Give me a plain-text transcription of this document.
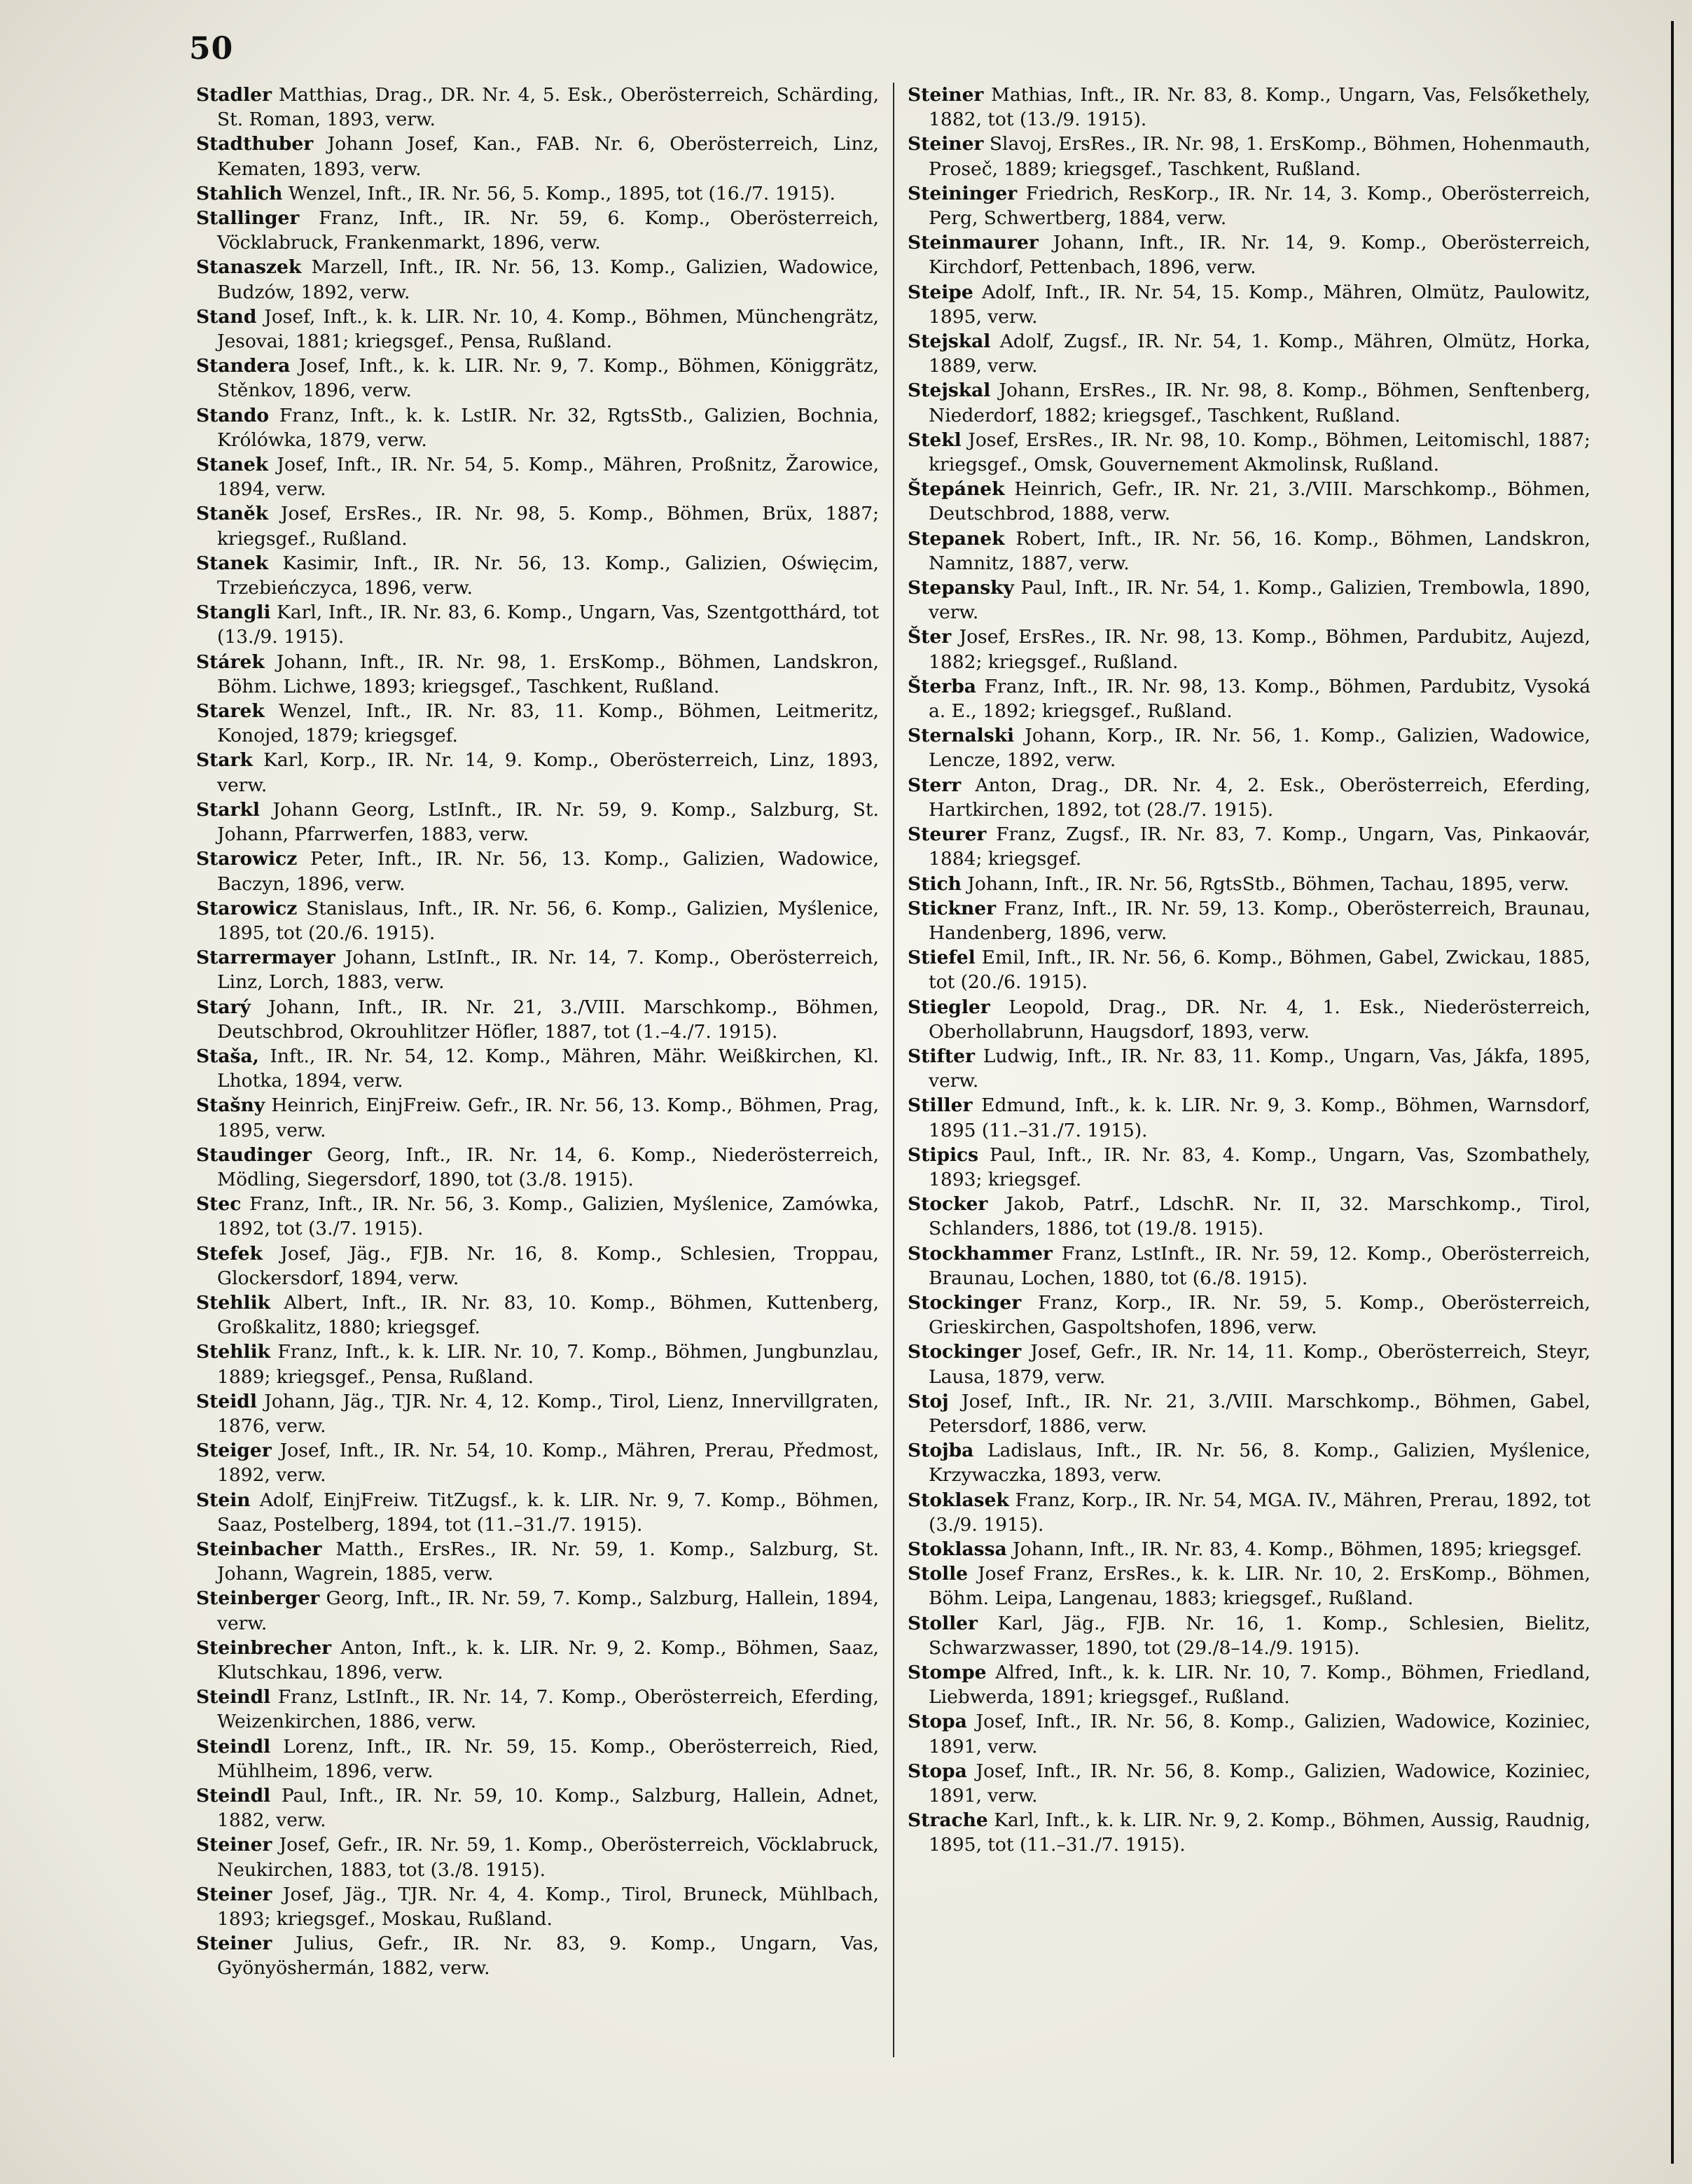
50

Stadler Matthias, Drag., DR. Nr. 4, 5. Esk., Oberösterreich, Schärding, St. Roman, 1893, verw.

Stadthuber Johann Josef, Kan., FAB. Nr. 6, Oberösterreich, Linz, Kematen, 1893, verw.

Stahlich Wenzel, Inft., IR. Nr. 56, 5. Komp., 1895, tot (16./7. 1915).

Stallinger Franz, Inft., IR. Nr. 59, 6. Komp., Oberösterreich, Vöcklabruck, Frankenmarkt, 1896, verw.

Stanaszek Marzell, Inft., IR. Nr. 56, 13. Komp., Galizien, Wadowice, Budzów, 1892, verw.

Stand Josef, Inft., k. k. LIR. Nr. 10, 4. Komp., Böhmen, Münchengrätz, Jesovai, 1881; kriegsgef., Pensa, Rußland.

Standera Josef, Inft., k. k. LIR. Nr. 9, 7. Komp., Böhmen, Königgrätz, Stěnkov, 1896, verw.

Stando Franz, Inft., k. k. LstIR. Nr. 32, RgtsStb., Galizien, Bochnia, Królówka, 1879, verw.

Stanek Josef, Inft., IR. Nr. 54, 5. Komp., Mähren, Proßnitz, Žarowice, 1894, verw.

Staněk Josef, ErsRes., IR. Nr. 98, 5. Komp., Böhmen, Brüx, 1887; kriegsgef., Rußland.

Stanek Kasimir, Inft., IR. Nr. 56, 13. Komp., Galizien, Oświęcim, Trzebieńczyca, 1896, verw.

Stangli Karl, Inft., IR. Nr. 83, 6. Komp., Ungarn, Vas, Szentgotthárd, tot (13./9. 1915).

Stárek Johann, Inft., IR. Nr. 98, 1. ErsKomp., Böhmen, Landskron, Böhm. Lichwe, 1893; kriegsgef., Taschkent, Rußland.

Starek Wenzel, Inft., IR. Nr. 83, 11. Komp., Böhmen, Leitmeritz, Konojed, 1879; kriegsgef.

Stark Karl, Korp., IR. Nr. 14, 9. Komp., Oberösterreich, Linz, 1893, verw.

Starkl Johann Georg, LstInft., IR. Nr. 59, 9. Komp., Salzburg, St. Johann, Pfarrwerfen, 1883, verw.

Starowicz Peter, Inft., IR. Nr. 56, 13. Komp., Galizien, Wadowice, Baczyn, 1896, verw.

Starowicz Stanislaus, Inft., IR. Nr. 56, 6. Komp., Galizien, Myślenice, 1895, tot (20./6. 1915).

Starrermayer Johann, LstInft., IR. Nr. 14, 7. Komp., Oberösterreich, Linz, Lorch, 1883, verw.

Starý Johann, Inft., IR. Nr. 21, 3./VIII. Marschkomp., Böhmen, Deutschbrod, Okrouhlitzer Höfler, 1887, tot (1.–4./7. 1915).

Staša, Inft., IR. Nr. 54, 12. Komp., Mähren, Mähr. Weißkirchen, Kl. Lhotka, 1894, verw.

Stašny Heinrich, EinjFreiw. Gefr., IR. Nr. 56, 13. Komp., Böhmen, Prag, 1895, verw.

Staudinger Georg, Inft., IR. Nr. 14, 6. Komp., Niederösterreich, Mödling, Siegersdorf, 1890, tot (3./8. 1915).

Stec Franz, Inft., IR. Nr. 56, 3. Komp., Galizien, Myślenice, Zamówka, 1892, tot (3./7. 1915).

Stefek Josef, Jäg., FJB. Nr. 16, 8. Komp., Schlesien, Troppau, Glockersdorf, 1894, verw.

Stehlik Albert, Inft., IR. Nr. 83, 10. Komp., Böhmen, Kuttenberg, Großkalitz, 1880; kriegsgef.

Stehlik Franz, Inft., k. k. LIR. Nr. 10, 7. Komp., Böhmen, Jungbunzlau, 1889; kriegsgef., Pensa, Rußland.

Steidl Johann, Jäg., TJR. Nr. 4, 12. Komp., Tirol, Lienz, Innervillgraten, 1876, verw.

Steiger Josef, Inft., IR. Nr. 54, 10. Komp., Mähren, Prerau, Předmost, 1892, verw.

Stein Adolf, EinjFreiw. TitZugsf., k. k. LIR. Nr. 9, 7. Komp., Böhmen, Saaz, Postelberg, 1894, tot (11.–31./7. 1915).

Steinbacher Matth., ErsRes., IR. Nr. 59, 1. Komp., Salzburg, St. Johann, Wagrein, 1885, verw.

Steinberger Georg, Inft., IR. Nr. 59, 7. Komp., Salzburg, Hallein, 1894, verw.

Steinbrecher Anton, Inft., k. k. LIR. Nr. 9, 2. Komp., Böhmen, Saaz, Klutschkau, 1896, verw.

Steindl Franz, LstInft., IR. Nr. 14, 7. Komp., Oberösterreich, Eferding, Weizenkirchen, 1886, verw.

Steindl Lorenz, Inft., IR. Nr. 59, 15. Komp., Oberösterreich, Ried, Mühlheim, 1896, verw.

Steindl Paul, Inft., IR. Nr. 59, 10. Komp., Salzburg, Hallein, Adnet, 1882, verw.

Steiner Josef, Gefr., IR. Nr. 59, 1. Komp., Oberösterreich, Vöcklabruck, Neukirchen, 1883, tot (3./8. 1915).

Steiner Josef, Jäg., TJR. Nr. 4, 4. Komp., Tirol, Bruneck, Mühlbach, 1893; kriegsgef., Moskau, Rußland.

Steiner Julius, Gefr., IR. Nr. 83, 9. Komp., Ungarn, Vas, Gyönyöshermán, 1882, verw.

Steiner Mathias, Inft., IR. Nr. 83, 8. Komp., Ungarn, Vas, Felsőkethely, 1882, tot (13./9. 1915).

Steiner Slavoj, ErsRes., IR. Nr. 98, 1. ErsKomp., Böhmen, Hohenmauth, Prosеč, 1889; kriegsgef., Taschkent, Rußland.

Steininger Friedrich, ResKorp., IR. Nr. 14, 3. Komp., Oberösterreich, Perg, Schwertberg, 1884, verw.

Steinmaurer Johann, Inft., IR. Nr. 14, 9. Komp., Oberösterreich, Kirchdorf, Pettenbach, 1896, verw.

Steipe Adolf, Inft., IR. Nr. 54, 15. Komp., Mähren, Olmütz, Paulowitz, 1895, verw.

Stejskal Adolf, Zugsf., IR. Nr. 54, 1. Komp., Mähren, Olmütz, Horka, 1889, verw.

Stejskal Johann, ErsRes., IR. Nr. 98, 8. Komp., Böhmen, Senftenberg, Niederdorf, 1882; kriegsgef., Taschkent, Rußland.

Stekl Josef, ErsRes., IR. Nr. 98, 10. Komp., Böhmen, Leitomischl, 1887; kriegsgef., Omsk, Gouvernement Akmolinsk, Rußland.

Štepánek Heinrich, Gefr., IR. Nr. 21, 3./VIII. Marschkomp., Böhmen, Deutschbrod, 1888, verw.

Stepanek Robert, Inft., IR. Nr. 56, 16. Komp., Böhmen, Landskron, Namnitz, 1887, verw.

Stepansky Paul, Inft., IR. Nr. 54, 1. Komp., Galizien, Trembowla, 1890, verw.

Šter Josef, ErsRes., IR. Nr. 98, 13. Komp., Böhmen, Pardubitz, Aujezd, 1882; kriegsgef., Rußland.

Šterba Franz, Inft., IR. Nr. 98, 13. Komp., Böhmen, Pardubitz, Vysoká a. E., 1892; kriegsgef., Rußland.

Sternalski Johann, Korp., IR. Nr. 56, 1. Komp., Galizien, Wadowice, Lencze, 1892, verw.

Sterr Anton, Drag., DR. Nr. 4, 2. Esk., Oberösterreich, Eferding, Hartkirchen, 1892, tot (28./7. 1915).

Steurer Franz, Zugsf., IR. Nr. 83, 7. Komp., Ungarn, Vas, Pinkaovár, 1884; kriegsgef.

Stich Johann, Inft., IR. Nr. 56, RgtsStb., Böhmen, Tachau, 1895, verw.

Stickner Franz, Inft., IR. Nr. 59, 13. Komp., Oberösterreich, Braunau, Handenberg, 1896, verw.

Stiefel Emil, Inft., IR. Nr. 56, 6. Komp., Böhmen, Gabel, Zwickau, 1885, tot (20./6. 1915).

Stiegler Leopold, Drag., DR. Nr. 4, 1. Esk., Niederösterreich, Oberhollabrunn, Haugsdorf, 1893, verw.

Stifter Ludwig, Inft., IR. Nr. 83, 11. Komp., Ungarn, Vas, Jákfa, 1895, verw.

Stiller Edmund, Inft., k. k. LIR. Nr. 9, 3. Komp., Böhmen, Warnsdorf, 1895 (11.–31./7. 1915).

Stipics Paul, Inft., IR. Nr. 83, 4. Komp., Ungarn, Vas, Szombathely, 1893; kriegsgef.

Stocker Jakob, Patrf., LdschR. Nr. II, 32. Marschkomp., Tirol, Schlanders, 1886, tot (19./8. 1915).

Stockhammer Franz, LstInft., IR. Nr. 59, 12. Komp., Oberösterreich, Braunau, Lochen, 1880, tot (6./8. 1915).

Stockinger Franz, Korp., IR. Nr. 59, 5. Komp., Oberösterreich, Grieskirchen, Gaspoltshofen, 1896, verw.

Stockinger Josef, Gefr., IR. Nr. 14, 11. Komp., Oberösterreich, Steyr, Lausa, 1879, verw.

Stoj Josef, Inft., IR. Nr. 21, 3./VIII. Marschkomp., Böhmen, Gabel, Petersdorf, 1886, verw.

Stojba Ladislaus, Inft., IR. Nr. 56, 8. Komp., Galizien, Myślenice, Krzywaczka, 1893, verw.

Stoklasek Franz, Korp., IR. Nr. 54, MGA. IV., Mähren, Prerau, 1892, tot (3./9. 1915).

Stoklassa Johann, Inft., IR. Nr. 83, 4. Komp., Böhmen, 1895; kriegsgef.

Stolle Josef Franz, ErsRes., k. k. LIR. Nr. 10, 2. ErsKomp., Böhmen, Böhm. Leipa, Langenau, 1883; kriegsgef., Rußland.

Stoller Karl, Jäg., FJB. Nr. 16, 1. Komp., Schlesien, Bielitz, Schwarzwasser, 1890, tot (29./8–14./9. 1915).

Stompe Alfred, Inft., k. k. LIR. Nr. 10, 7. Komp., Böhmen, Friedland, Liebwerda, 1891; kriegsgef., Rußland.

Stopa Josef, Inft., IR. Nr. 56, 8. Komp., Galizien, Wadowice, Koziniec, 1891, verw.

Stopa Josef, Inft., IR. Nr. 56, 8. Komp., Galizien, Wadowice, Koziniec, 1891, verw.

Strache Karl, Inft., k. k. LIR. Nr. 9, 2. Komp., Böhmen, Aussig, Raudnig, 1895, tot (11.–31./7. 1915).
